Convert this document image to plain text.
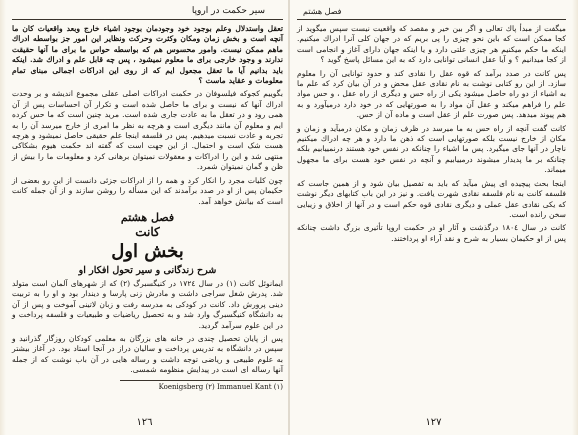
سیر حکمت در اروپا

تعقل واستدلال وعلم بوجود خود وجودمان بوجود اشیاء خارج وبعد واقعیات کان ما آنچه است و بخش زمان ومکان وکثرت وحرکت ونظایر این امور جز بواسطه ادراك ماهم ممکن نیست. وامور محسوس هم که بواسطه حواس ما برای ما آنها حقیقت ندارند و وجود خارجی برای ما معلوم نمیشود ، پس چه قابل علم و ادراك شد. اینکه باید بدانیم آیا ما تعقل مجعول ایم که از روی این ادراکات اجمالی مبنای تمام معلومات و عقاید ماست ؟

بگوییم کجوکه فیلسوفان در حکمت ادراکات اصلی عقلی مجموع اندیشه و بر وحدت ادراك آنها که نیست و برای ما حاصل شده است و تکرار آن احساسات پس از آن همی رود و در تعقل ما به عادت جاری شده است. مرید چنین است که ما حس کرده ایم و معلوم آن مانند دیگری است و هرچه به نظر ما امری از خارج میرسد آن را به تجربه و عادت نسبت میدهیم. پس در فلسفه اینجا علم حقیقی حاصل نمیشود و هرچه هست شک است و احتمال. از این جهت است که گفته اند حکمت هیوم بشکاکی منتهی شد و این را ادراکات و معقولات نمیتوان برهانی کرد و معلومات ما را بیش از ظن و گمان نمیتوان شمرد.

چون کلیات مجرد را انکار کرد و همه را از ادراکات جزئی دانست از این رو بعضی از حکیمان پس از او در صدد برآمدند که این مسأله را روشن سازند و از آن جمله کانت است که بیانش خواهد آمد.

فصل هشتم

کانت

بخش اول

شرح زندگانی و سیر تحول افکار او

ایمانوئل کانت (١) در سال ١٧٢٤ در کنیگسبرگ (٢) که از شهرهای آلمان است متولد شد. پدرش شغل سراجی داشت و مادرش زنی پارسا و دیندار بود و او را به تربیت دینی پرورش داد. کانت در کودکی به مدرسه رفت و زبان لاتینی آموخت و پس از آن به دانشگاه کنیگسبرگ وارد شد و به تحصیل ریاضیات و طبیعیات و فلسفه پرداخت و در این علوم سرآمد گردید.

پس از پایان تحصیل چندی در خانه های بزرگان به معلمی کودکان روزگار گذرانید و سپس در دانشگاه به تدریس پرداخت و سالیان دراز در آنجا استاد بود. در آغاز بیشتر به علوم طبیعی و ریاضی توجه داشت و رساله هایی در آن باب نوشت که از جمله آنها رساله ای است در پیدایش منظومه شمسی.

Koenigsberg (٢) Immanuel Kant (١)
١٢٦
فصل هشتم

میگفت از مبدأ پاك تعالی و اگر بین خیر و مقصد كه واقعیت نیست سپس میگوید از کجا ممکن است که باین نحو چیزی را پی بریم که در جهان کلی آنرا ادراك میکنیم. اینکه ما حکم میکنیم هر چیزی علتی دارد و یا اینکه جهان دارای آغاز و انجامی است از کجا میدانیم ؟ و آیا عقل انسانی توانایی دارد که به این مسائل پاسخ گوید ؟

پس کانت در صدد برآمد که قوه عقل را نقادی کند و حدود توانایی آن را معلوم سازد. از این رو کتابی نوشت به نام نقادی عقل محض و در آن بیان کرد که علم ما به اشیاء از دو راه حاصل میشود یکی از راه حس و دیگری از راه عقل ، و حس مواد علم را فراهم میکند و عقل آن مواد را به صورتهایی که در خود دارد درمیآورد و به هم پیوند میدهد. پس صورت علم از عقل است و ماده آن از حس.

کانت گفت آنچه از راه حس به ما میرسد در ظرف زمان و مکان درمیآید و زمان و مکان از خارج نیست بلکه صورتهایی است که ذهن ما دارد و هر چه ادراك میکنیم ناچار در آنها جای میگیرد. پس ما اشیاء را چنانکه در نفس خود هستند درنمییابیم بلکه چنانکه بر ما پدیدار میشوند درمییابیم و آنچه در نفس خود هست برای ما مجهول میماند.

اینجا بحث پیچیده ای پیش میآید که باید به تفصیل بیان شود و از همین جاست که فلسفه کانت به نام فلسفه نقادی شهرت یافت. و نیز در این باب کتابهای دیگر نوشت که یکی نقادی عقل عملی و دیگری نقادی قوه حکم است و در آنها از اخلاق و زیبایی سخن رانده است.

کانت در سال ١٨٠٤ درگذشت و آثار او در حکمت اروپا تأثیری بزرگ داشت چنانکه پس از او حکیمان بسیار به شرح و نقد آراء او پرداختند.

١٢٧
